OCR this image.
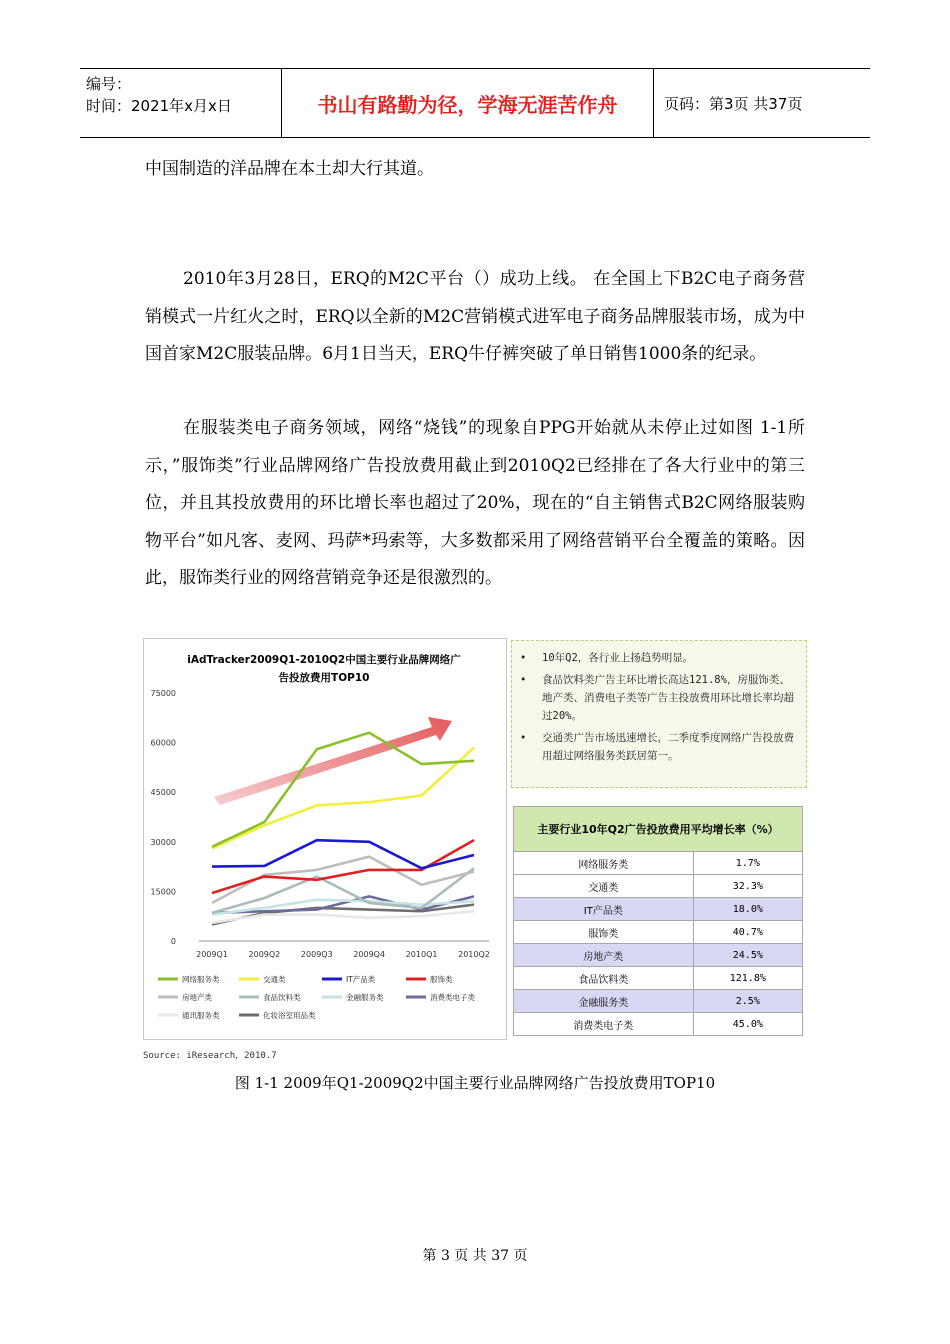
编号：
时间：2021年x月x日	书山有路勤为径，学海无涯苦作舟	页码：第3页 共37页

中国制造的洋品牌在本土却大行其道。

2010年3月28日，ERQ的M2C平台（）成功上线。 在全国上下B2C电子商务营销模式一片红火之时，ERQ以全新的M2C营销模式进军电子商务品牌服装市场，成为中国首家M2C服装品牌。6月1日当天，ERQ牛仔裤突破了单日销售1000条的纪录。

在服装类电子商务领域，网络“烧钱”的现象自PPG开始就从未停止过如图 1-1所示，”服饰类”行业品牌网络广告投放费用截止到2010Q2已经排在了各大行业中的第三位，并且其投放费用的环比增长率也超过了20%，现在的“自主销售式B2C网络服装购物平台”如凡客、麦网、玛萨*玛索等，大多数都采用了网络营销平台全覆盖的策略。因此，服饰类行业的网络营销竞争还是很激烈的。

iAdTracker2009Q1-2010Q2中国主要行业品牌网络广
告投放费用TOP10
75000
60000
45000
30000
15000
0
2009Q1	2009Q2	2009Q3	2009Q4	2010Q1	2010Q2
网络服务类	交通类	IT产品类	服饰类
房地产类	食品饮料类	金融服务类	消费类电子类
通讯服务类	化妆浴室用品类
• 10年Q2，各行业上扬趋势明显。
• 食品饮料类广告主环比增长高达121.8%，房服饰类、地产类、消费电子类等广告主投放费用环比增长率均超过20%。
• 交通类广告市场迅速增长，二季度季度网络广告投放费用超过网络服务类跃居第一。
主要行业10年Q2广告投放费用平均增长率（%）	
网络服务类	1.7%
交通类	32.3%
IT产品类	18.0%
服饰类	40.7%
房地产类	24.5%
食品饮料类	121.8%
金融服务类	2.5%
消费类电子类	45.0%
Source: iResearch，2010.7
图 1-1 2009年Q1-2009Q2中国主要行业品牌网络广告投放费用TOP10
第 3 页 共 37 页
